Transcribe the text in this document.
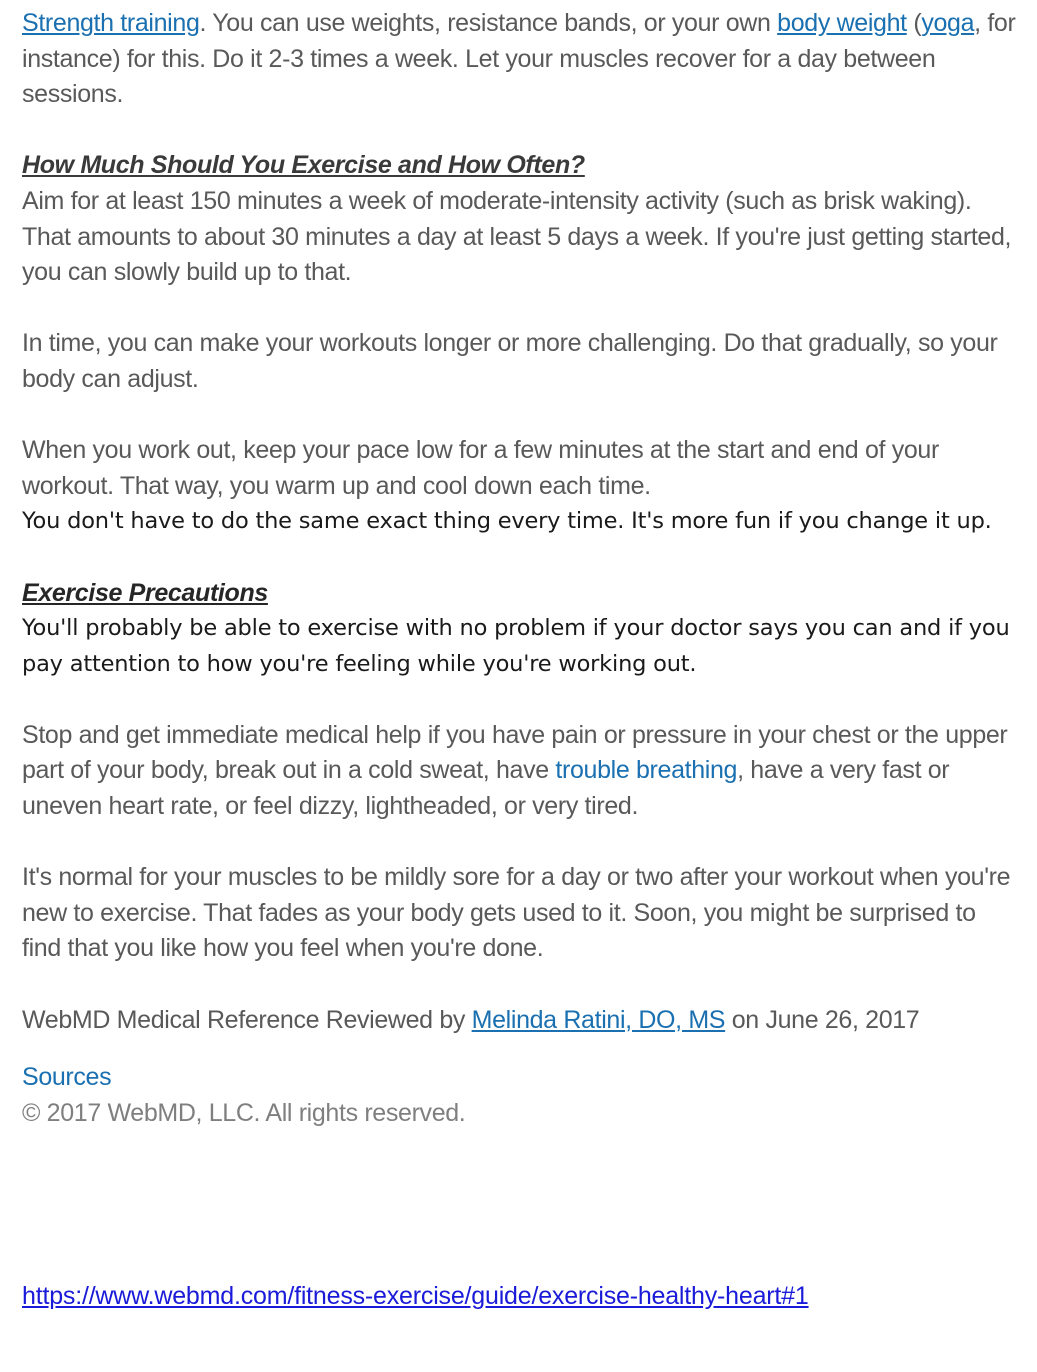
Strength training. You can use weights, resistance bands, or your own body weight (yoga, for instance) for this. Do it 2-3 times a week. Let your muscles recover for a day between sessions.

How Much Should You Exercise and How Often?

Aim for at least 150 minutes a week of moderate-intensity activity (such as brisk waking). That amounts to about 30 minutes a day at least 5 days a week. If you're just getting started, you can slowly build up to that.

In time, you can make your workouts longer or more challenging. Do that gradually, so your body can adjust.

When you work out, keep your pace low for a few minutes at the start and end of your workout. That way, you warm up and cool down each time.

You don't have to do the same exact thing every time. It's more fun if you change it up.

Exercise Precautions

You'll probably be able to exercise with no problem if your doctor says you can and if you pay attention to how you're feeling while you're working out.

Stop and get immediate medical help if you have pain or pressure in your chest or the upper part of your body, break out in a cold sweat, have trouble breathing, have a very fast or uneven heart rate, or feel dizzy, lightheaded, or very tired.

It's normal for your muscles to be mildly sore for a day or two after your workout when you're new to exercise. That fades as your body gets used to it. Soon, you might be surprised to find that you like how you feel when you're done.

WebMD Medical Reference Reviewed by Melinda Ratini, DO, MS on June 26, 2017

Sources

© 2017 WebMD, LLC. All rights reserved.

https://www.webmd.com/fitness-exercise/guide/exercise-healthy-heart#1
